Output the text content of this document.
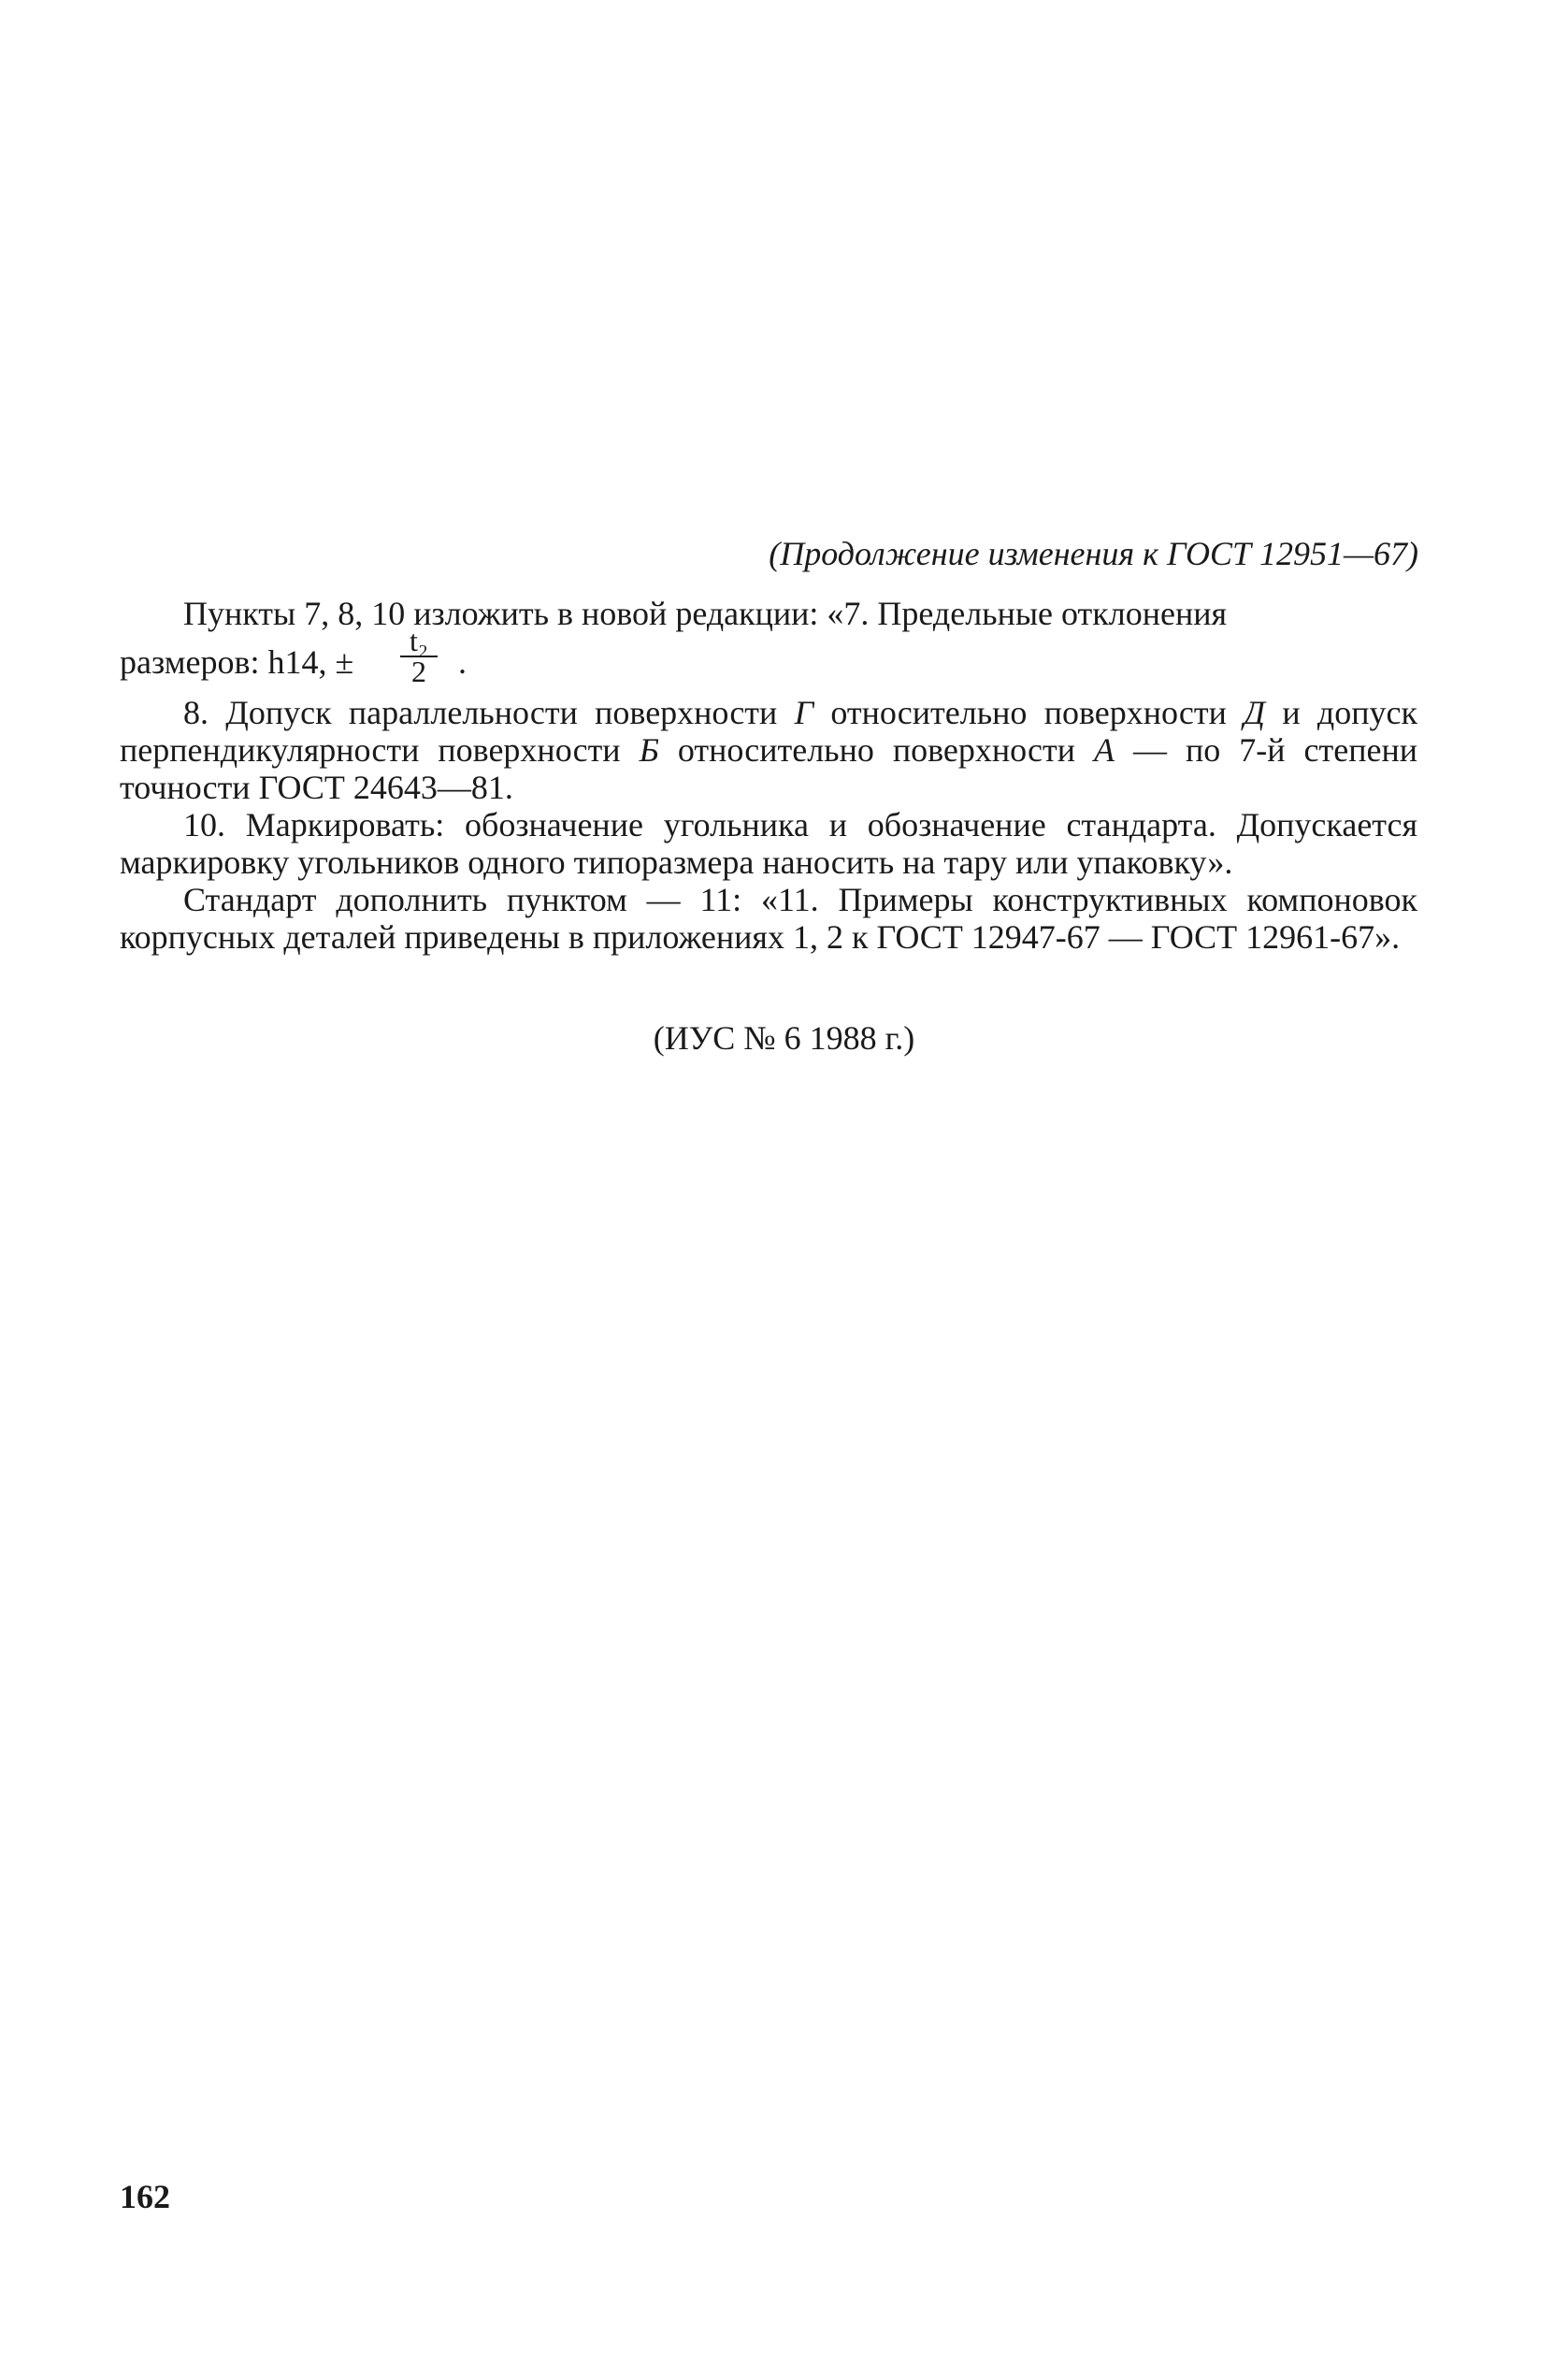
(Продолжение изменения к ГОСТ 12951—67)

Пункты 7, 8, 10 изложить в новой редакции: «7. Предельные отклонения

размеров: h14, ± $\frac{\text{t₂}}{2}$ .

8. Допуск параллельности поверхности Г относительно поверхности Д и допуск перпендикулярности поверхности Б относительно поверхности А — по 7-й степени точности ГОСТ 24643—81.

10. Маркировать: обозначение угольника и обозначение стандарта. Допускается маркировку угольников одного типоразмера наносить на тару или упаковку».

Стандарт дополнить пунктом — 11: «11. Примеры конструктивных компоновок корпусных деталей приведены в приложениях 1, 2 к ГОСТ 12947-67 — ГОСТ 12961-67».

(ИУС № 6 1988 г.)
162
